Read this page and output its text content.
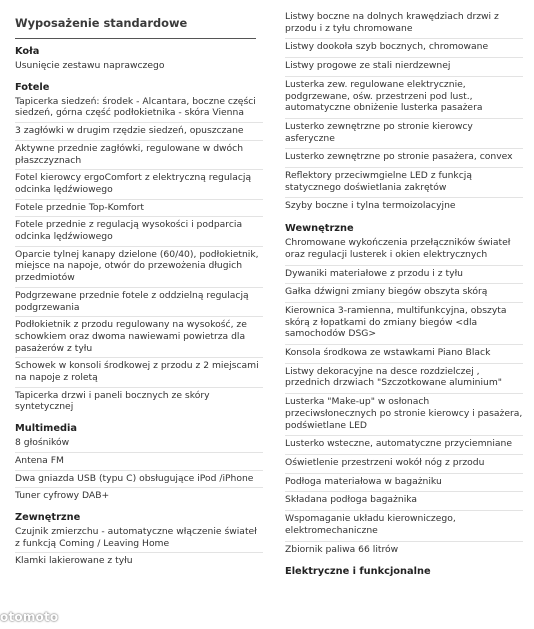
Wyposażenie standardowe
Koła
Usunięcie zestawu naprawczego
Fotele
Tapicerka siedzeń: środek - Alcantara, boczne części siedzeń, górna część podłokietnika - skóra Vienna
3 zagłówki w drugim rzędzie siedzeń, opuszczane
Aktywne przednie zagłówki, regulowane w dwóch płaszczyznach
Fotel kierowcy ergoComfort z elektryczną regulacją odcinka lędźwiowego
Fotele przednie Top-Komfort
Fotele przednie z regulacją wysokości i podparcia odcinka lędźwiowego
Oparcie tylnej kanapy dzielone (60/40), podłokietnik, miejsce na napoje, otwór do przewożenia długich przedmiotów
Podgrzewane przednie fotele z oddzielną regulacją podgrzewania
Podłokietnik z przodu regulowany na wysokość, ze schowkiem oraz dwoma nawiewami powietrza dla pasażerów z tyłu
Schowek w konsoli środkowej z przodu z 2 miejscami na napoje z roletą
Tapicerka drzwi i paneli bocznych ze skóry syntetycznej
Multimedia
8 głośników
Antena FM
Dwa gniazda USB (typu C) obsługujące iPod /iPhone
Tuner cyfrowy DAB+
Zewnętrzne
Czujnik zmierzchu - automatyczne włączenie świateł z funkcją Coming / Leaving Home
Klamki lakierowane z tyłu
Listwy boczne na dolnych krawędziach drzwi z przodu i z tyłu chromowane
Listwy dookoła szyb bocznych, chromowane
Listwy progowe ze stali nierdzewnej
Lusterka zew. regulowane elektrycznie, podgrzewane, ośw. przestrzeni pod lust., automatyczne obniżenie lusterka pasażera
Lusterko zewnętrzne po stronie kierowcy asferyczne
Lusterko zewnętrzne po stronie pasażera, convex
Reflektory przeciwmgielne LED z funkcją statycznego doświetlania zakrętów
Szyby boczne i tylna termoizolacyjne
Wewnętrzne
Chromowane wykończenia przełączników świateł oraz regulacji lusterek i okien elektrycznych
Dywaniki materiałowe z przodu i z tyłu
Gałka dźwigni zmiany biegów obszyta skórą
Kierownica 3-ramienna, multifunkcyjna, obszyta skórą z łopatkami do zmiany biegów <dla samochodów DSG>
Konsola środkowa ze wstawkami Piano Black
Listwy dekoracyjne na desce rozdzielczej , przednich drzwiach "Szczotkowane aluminium"
Lusterka "Make-up" w osłonach przeciwsłonecznych po stronie kierowcy i pasażera, podświetlane LED
Lusterko wsteczne, automatyczne przyciemniane
Oświetlenie przestrzeni wokół nóg z przodu
Podłoga materiałowa w bagażniku
Składana podłoga bagażnika
Wspomaganie układu kierowniczego, elektromechaniczne
Zbiornik paliwa 66 litrów
Elektryczne i funkcjonalne
otomoto
